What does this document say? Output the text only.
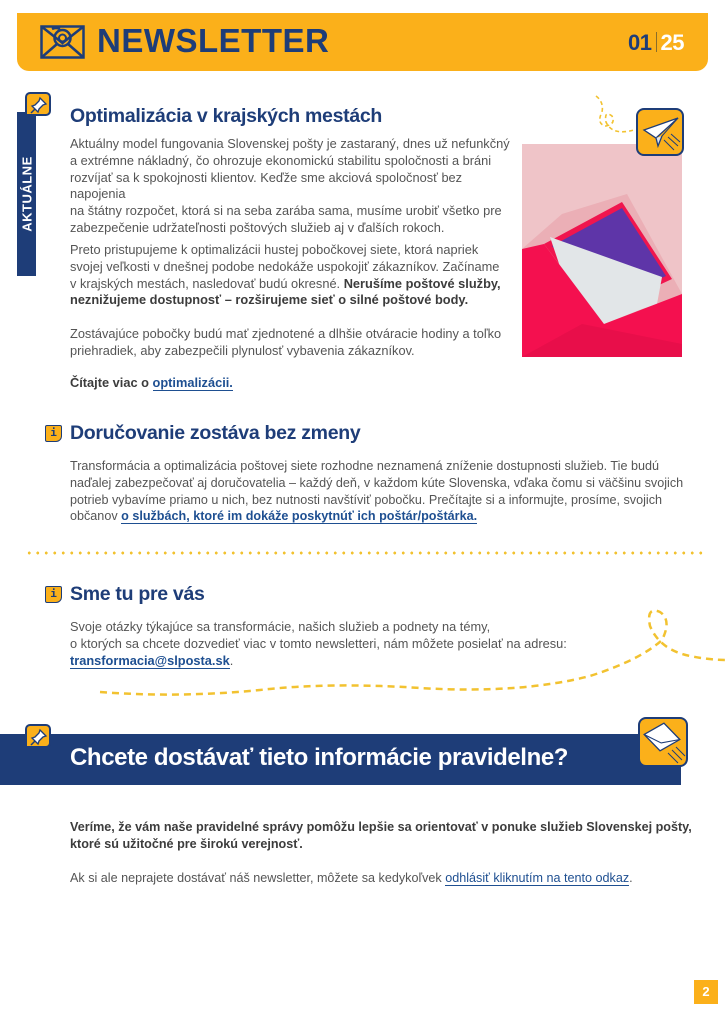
NEWSLETTER	01 25
AKTUÁLNE
Optimalizácia v krajských mestách
Aktuálny model fungovania Slovenskej pošty je zastaraný, dnes už nefunkčný
a extrémne nákladný, čo ohrozuje ekonomickú stabilitu spoločnosti a bráni
rozvíjať sa k spokojnosti klientov. Keďže sme akciová spoločnosť bez napojenia
na štátny rozpočet, ktorá si na seba zarába sama, musíme urobiť všetko pre
zabezpečenie udržateľnosti poštových služieb aj v ďalších rokoch.
Preto pristupujeme k optimalizácii hustej pobočkovej siete, ktorá napriek
svojej veľkosti v dnešnej podobe nedokáže uspokojiť zákazníkov. Začíname
v krajských mestách, nasledovať budú okresné. Nerušíme poštové služby,
neznižujeme dostupnosť – rozširujeme sieť o silné poštové body.
Zostávajúce pobočky budú mať zjednotené a dlhšie otváracie hodiny a toľko
priehradiek, aby zabezpečili plynulosť vybavenia zákazníkov.
Čítajte viac o optimalizácii.
i Doručovanie zostáva bez zmeny
Transformácia a optimalizácia poštovej siete rozhodne neznamená zníženie dostupnosti služieb. Tie budú
naďalej zabezpečovať aj doručovatelia – každý deň, v každom kúte Slovenska, vďaka čomu si väčšinu svojich
potrieb vybavíme priamo u nich, bez nutnosti navštíviť pobočku. Prečítajte si a informujte, prosíme, svojich
občanov o službách, ktoré im dokáže poskytnúť ich poštár/poštárka.
i Sme tu pre vás
Svoje otázky týkajúce sa transformácie, našich služieb a podnety na témy,
o ktorých sa chcete dozvedieť viac v tomto newsletteri, nám môžete posielať na adresu:
transformacia@slposta.sk.
Chcete dostávať tieto informácie pravidelne?
Veríme, že vám naše pravidelné správy pomôžu lepšie sa orientovať v ponuke služieb Slovenskej pošty,
ktoré sú užitočné pre širokú verejnosť.
Ak si ale neprajete dostávať náš newsletter, môžete sa kedykoľvek odhlásiť kliknutím na tento odkaz.
2
